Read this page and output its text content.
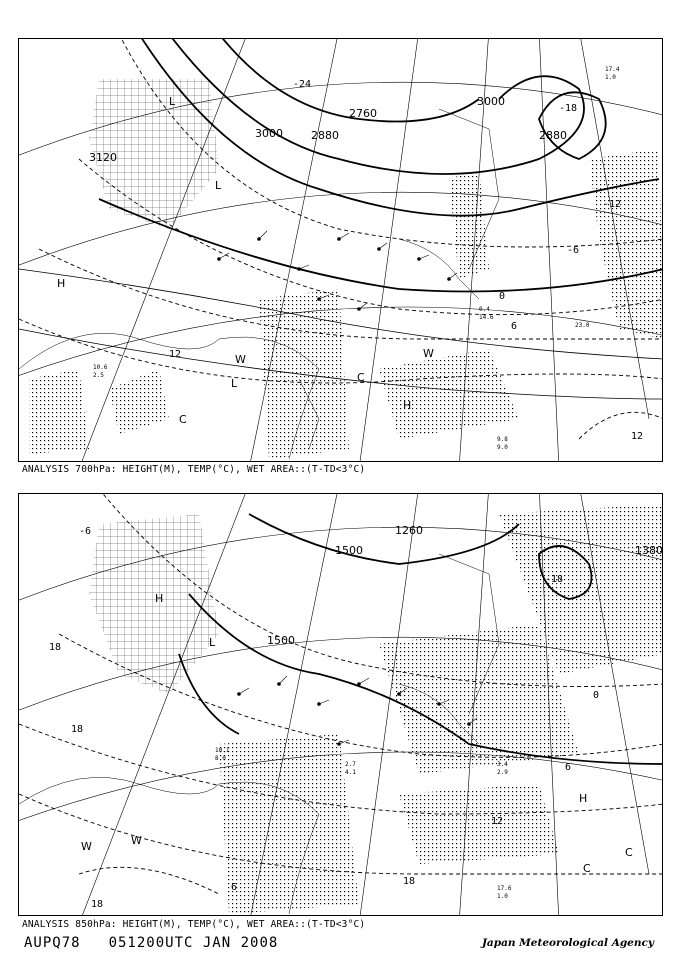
3120
3000	2880
2760
3000
2880
-18
-12
-6
0
6
12
12
-24
H
L
W
L	C
W
H
C
L
9.8
9.0
17.4
1.0
10.6
2.5
0.4
14.6
23.0
ANALYSIS 700hPa: HEIGHT(M), TEMP(°C), WET AREA::(T-TD<3°C)
1500
1260
1380
1500
18
18
18
18
12
6
0
-6
-18
6
H
L
W	W
C
C
H
17.6
1.0
3.4
2.9
2.7
4.1
10.1
8.0
ANALYSIS 850hPa: HEIGHT(M), TEMP(°C), WET AREA::(T-TD<3°C)
AUPQ78 051200UTC JAN 2008	Japan Meteorological Agency
